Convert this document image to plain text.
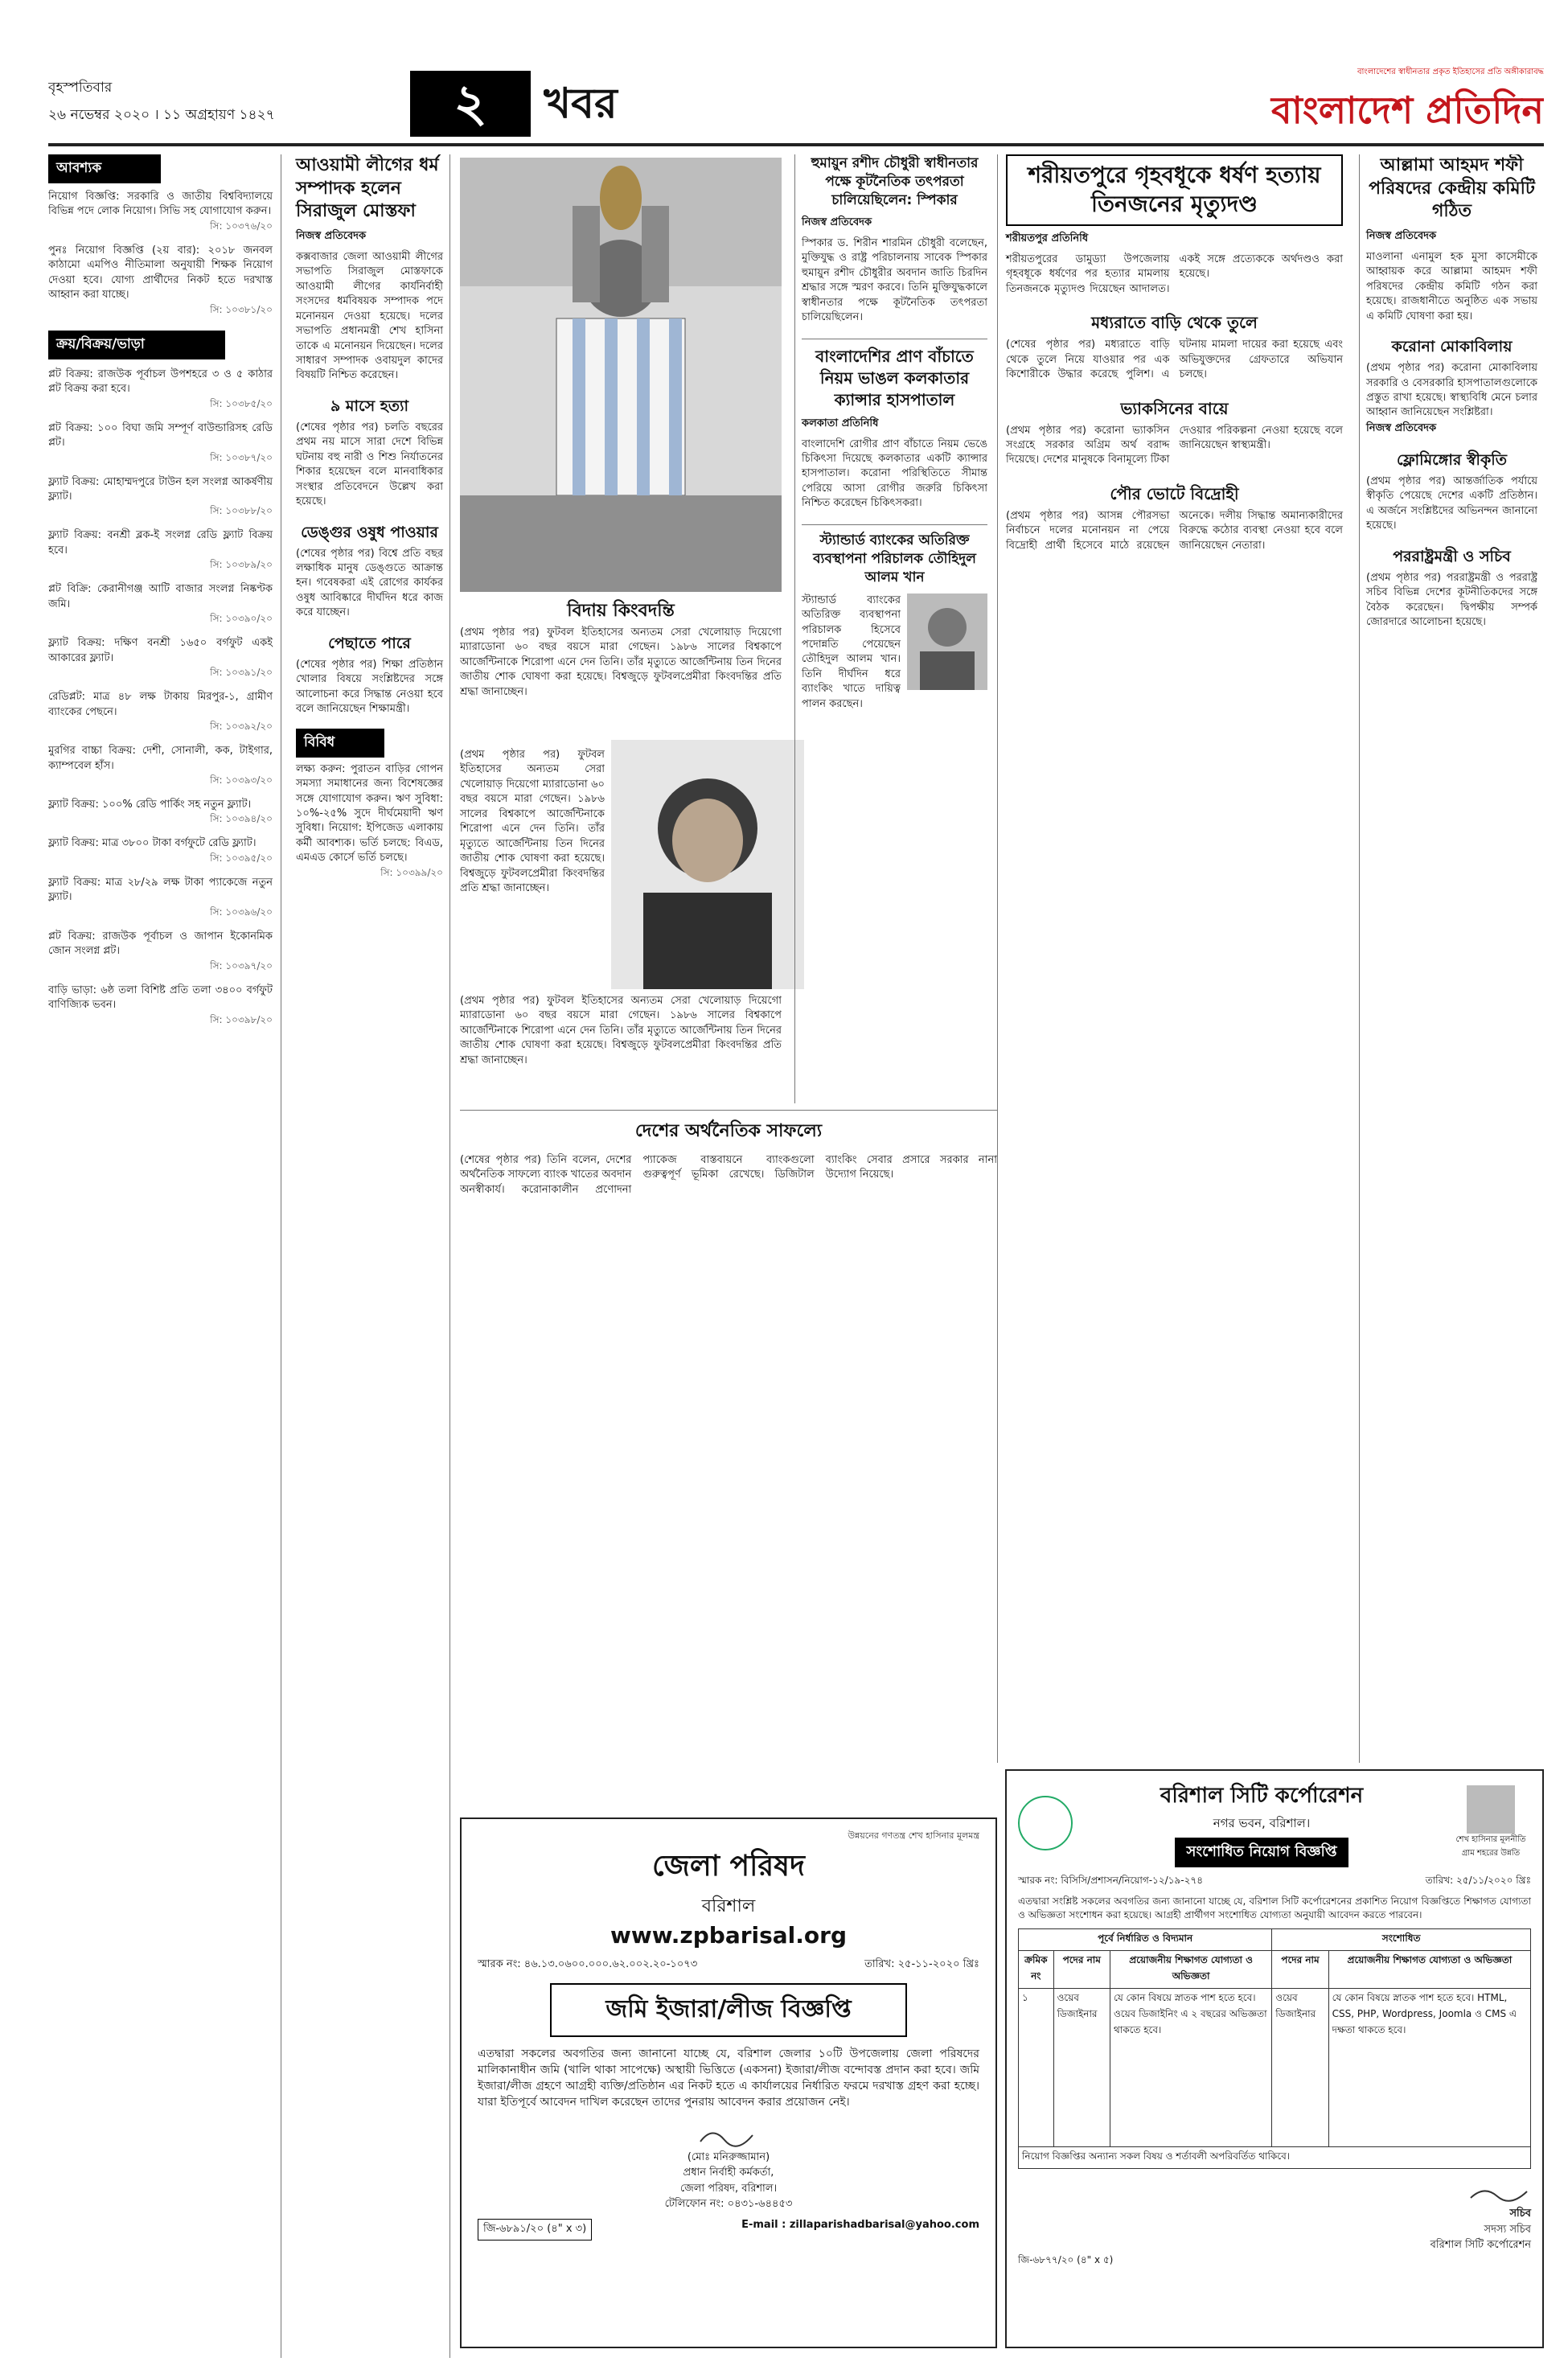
বৃহস্পতিবার
২৬ নভেম্বর ২০২০ । ১১ অগ্রহায়ণ ১৪২৭	২	খবর
বাংলাদেশের স্বাধীনতার প্রকৃত ইতিহাসের প্রতি অঙ্গীকারাবদ্ধ
বাংলাদেশ প্রতিদিন
আবশ্যক
নিয়োগ বিজ্ঞপ্তি: সরকারি ও জাতীয় বিশ্ববিদ্যালয়ে বিভিন্ন পদে লোক নিয়োগ। সিভি সহ যোগাযোগ করুন।
সি: ১০৩৭৬/২০
পুনঃ নিয়োগ বিজ্ঞপ্তি (২য় বার): ২০১৮ জনবল কাঠামো এমপিও নীতিমালা অনুযায়ী শিক্ষক নিয়োগ দেওয়া হবে। যোগ্য প্রার্থীদের নিকট হতে দরখাস্ত আহ্বান করা যাচ্ছে।
সি: ১০৩৮১/২০
ক্রয়/বিক্রয়/ভাড়া
প্লট বিক্রয়: রাজউক পূর্বাচল উপশহরে ৩ ও ৫ কাঠার প্লট বিক্রয় করা হবে।
সি: ১০৩৮৫/২০
প্লট বিক্রয়: ১০০ বিঘা জমি সম্পূর্ণ বাউন্ডারিসহ রেডি প্লট।
সি: ১০৩৮৭/২০
ফ্ল্যাট বিক্রয়: মোহাম্মদপুরে টাউন হল সংলগ্ন আকর্ষণীয় ফ্ল্যাট।
সি: ১০৩৮৮/২০
ফ্ল্যাট বিক্রয়: বনশ্রী ব্লক-ই সংলগ্ন রেডি ফ্ল্যাট বিক্রয় হবে।
সি: ১০৩৮৯/২০
প্লট বিক্রি: কেরানীগঞ্জ আটি বাজার সংলগ্ন নিষ্কণ্টক জমি।
সি: ১০৩৯০/২০
ফ্ল্যাট বিক্রয়: দক্ষিণ বনশ্রী ১৬৫০ বর্গফুট একই আকারের ফ্ল্যাট।
সি: ১০৩৯১/২০
রেডিপ্লট: মাত্র ৪৮ লক্ষ টাকায় মিরপুর-১, গ্রামীণ ব্যাংকের পেছনে।
সি: ১০৩৯২/২০
মুরগির বাচ্চা বিক্রয়: দেশী, সোনালী, কক, টাইগার, ক্যাম্পবেল হাঁস।
সি: ১০৩৯৩/২০
ফ্ল্যাট বিক্রয়: ১০০% রেডি পার্কিং সহ নতুন ফ্ল্যাট।
সি: ১০৩৯৪/২০
ফ্ল্যাট বিক্রয়: মাত্র ৩৮০০ টাকা বর্গফুটে রেডি ফ্ল্যাট।
সি: ১০৩৯৫/২০
ফ্ল্যাট বিক্রয়: মাত্র ২৮/২৯ লক্ষ টাকা প্যাকেজে নতুন ফ্ল্যাট।
সি: ১০৩৯৬/২০
প্লট বিক্রয়: রাজউক পূর্বাচল ও জাপান ইকোনমিক জোন সংলগ্ন প্লট।
সি: ১০৩৯৭/২০
বাড়ি ভাড়া: ৬ষ্ঠ তলা বিশিষ্ট প্রতি তলা ৩৪০০ বর্গফুট বাণিজ্যিক ভবন।
সি: ১০৩৯৮/২০
আওয়ামী লীগের ধর্ম সম্পাদক হলেন সিরাজুল মোস্তফা
নিজস্ব প্রতিবেদক
কক্সবাজার জেলা আওয়ামী লীগের সভাপতি সিরাজুল মোস্তফাকে আওয়ামী লীগের কার্যনির্বাহী সংসদের ধর্মবিষয়ক সম্পাদক পদে মনোনয়ন দেওয়া হয়েছে। দলের সভাপতি প্রধানমন্ত্রী শেখ হাসিনা তাকে এ মনোনয়ন দিয়েছেন। দলের সাধারণ সম্পাদক ওবায়দুল কাদের বিষয়টি নিশ্চিত করেছেন।
৯ মাসে হত্যা
(শেষের পৃষ্ঠার পর) চলতি বছরের প্রথম নয় মাসে সারা দেশে বিভিন্ন ঘটনায় বহু নারী ও শিশু নির্যাতনের শিকার হয়েছেন বলে মানবাধিকার সংস্থার প্রতিবেদনে উল্লেখ করা হয়েছে।
ডেঙ্গুর ওষুধ পাওয়ার
(শেষের পৃষ্ঠার পর) বিশ্বে প্রতি বছর লক্ষাধিক মানুষ ডেঙ্গুতে আক্রান্ত হন। গবেষকরা এই রোগের কার্যকর ওষুধ আবিষ্কারে দীর্ঘদিন ধরে কাজ করে যাচ্ছেন।
পেছাতে পারে
(শেষের পৃষ্ঠার পর) শিক্ষা প্রতিষ্ঠান খোলার বিষয়ে সংশ্লিষ্টদের সঙ্গে আলোচনা করে সিদ্ধান্ত নেওয়া হবে বলে জানিয়েছেন শিক্ষামন্ত্রী।
বিবিধ
লক্ষ্য করুন: পুরাতন বাড়ির গোপন সমস্যা সমাধানের জন্য বিশেষজ্ঞের সঙ্গে যোগাযোগ করুন। ঋণ সুবিধা: ১০%-২৫% সুদে দীর্ঘমেয়াদী ঋণ সুবিধা। নিয়োগ: ইপিজেড এলাকায় কর্মী আবশ্যক। ভর্তি চলছে: বিএড, এমএড কোর্সে ভর্তি চলছে।
সি: ১০৩৯৯/২০
বিদায় কিংবদন্তি
(প্রথম পৃষ্ঠার পর) ফুটবল ইতিহাসের অন্যতম সেরা খেলোয়াড় দিয়েগো ম্যারাডোনা ৬০ বছর বয়সে মারা গেছেন। ১৯৮৬ সালের বিশ্বকাপে আর্জেন্টিনাকে শিরোপা এনে দেন তিনি। তাঁর মৃত্যুতে আর্জেন্টিনায় তিন দিনের জাতীয় শোক ঘোষণা করা হয়েছে। বিশ্বজুড়ে ফুটবলপ্রেমীরা কিংবদন্তির প্রতি শ্রদ্ধা জানাচ্ছেন।
(প্রথম পৃষ্ঠার পর) ফুটবল ইতিহাসের অন্যতম সেরা খেলোয়াড় দিয়েগো ম্যারাডোনা ৬০ বছর বয়সে মারা গেছেন। ১৯৮৬ সালের বিশ্বকাপে আর্জেন্টিনাকে শিরোপা এনে দেন তিনি। তাঁর মৃত্যুতে আর্জেন্টিনায় তিন দিনের জাতীয় শোক ঘোষণা করা হয়েছে। বিশ্বজুড়ে ফুটবলপ্রেমীরা কিংবদন্তির প্রতি শ্রদ্ধা জানাচ্ছেন।
(প্রথম পৃষ্ঠার পর) ফুটবল ইতিহাসের অন্যতম সেরা খেলোয়াড় দিয়েগো ম্যারাডোনা ৬০ বছর বয়সে মারা গেছেন। ১৯৮৬ সালের বিশ্বকাপে আর্জেন্টিনাকে শিরোপা এনে দেন তিনি। তাঁর মৃত্যুতে আর্জেন্টিনায় তিন দিনের জাতীয় শোক ঘোষণা করা হয়েছে। বিশ্বজুড়ে ফুটবলপ্রেমীরা কিংবদন্তির প্রতি শ্রদ্ধা জানাচ্ছেন।
হুমায়ুন রশীদ চৌধুরী স্বাধীনতার পক্ষে কূটনৈতিক তৎপরতা চালিয়েছিলেন: স্পিকার
নিজস্ব প্রতিবেদক
স্পিকার ড. শিরীন শারমিন চৌধুরী বলেছেন, মুক্তিযুদ্ধ ও রাষ্ট্র পরিচালনায় সাবেক স্পিকার হুমায়ুন রশীদ চৌধুরীর অবদান জাতি চিরদিন শ্রদ্ধার সঙ্গে স্মরণ করবে। তিনি মুক্তিযুদ্ধকালে স্বাধীনতার পক্ষে কূটনৈতিক তৎপরতা চালিয়েছিলেন।
বাংলাদেশির প্রাণ বাঁচাতে নিয়ম ভাঙল কলকাতার ক্যান্সার হাসপাতাল
কলকাতা প্রতিনিধি
বাংলাদেশি রোগীর প্রাণ বাঁচাতে নিয়ম ভেঙে চিকিৎসা দিয়েছে কলকাতার একটি ক্যান্সার হাসপাতাল। করোনা পরিস্থিতিতে সীমান্ত পেরিয়ে আসা রোগীর জরুরি চিকিৎসা নিশ্চিত করেছেন চিকিৎসকরা।
স্ট্যান্ডার্ড ব্যাংকের অতিরিক্ত ব্যবস্থাপনা পরিচালক তৌহিদুল আলম খান
স্ট্যান্ডার্ড ব্যাংকের অতিরিক্ত ব্যবস্থাপনা পরিচালক হিসেবে পদোন্নতি পেয়েছেন তৌহিদুল আলম খান। তিনি দীর্ঘদিন ধরে ব্যাংকিং খাতে দায়িত্ব পালন করছেন।
দেশের অর্থনৈতিক সাফল্যে
(শেষের পৃষ্ঠার পর) তিনি বলেন, দেশের অর্থনৈতিক সাফল্যে ব্যাংক খাতের অবদান অনস্বীকার্য। করোনাকালীন প্রণোদনা প্যাকেজ বাস্তবায়নে ব্যাংকগুলো গুরুত্বপূর্ণ ভূমিকা রেখেছে। ডিজিটাল ব্যাংকিং সেবার প্রসারে সরকার নানা উদ্যোগ নিয়েছে।
উন্নয়নের গণতন্ত্র শেখ হাসিনার মূলমন্ত্র
জেলা পরিষদ
বরিশাল
www.zpbarisal.org
স্মারক নং: ৪৬.১৩.০৬০০.০০০.৬২.০০২.২০-১০৭৩	তারিখ: ২৫-১১-২০২০ খ্রিঃ
জমি ইজারা/লীজ বিজ্ঞপ্তি
এতদ্বারা সকলের অবগতির জন্য জানানো যাচ্ছে যে, বরিশাল জেলার ১০টি উপজেলায় জেলা পরিষদের মালিকানাধীন জমি (খালি থাকা সাপেক্ষে) অস্থায়ী ভিত্তিতে (একসনা) ইজারা/লীজ বন্দোবস্ত প্রদান করা হবে। জমি ইজারা/লীজ গ্রহণে আগ্রহী ব্যক্তি/প্রতিষ্ঠান এর নিকট হতে এ কার্যালয়ের নির্ধারিত ফরমে দরখাস্ত গ্রহণ করা হচ্ছে। যারা ইতিপূর্বে আবেদন দাখিল করেছেন তাদের পুনরায় আবেদন করার প্রয়োজন নেই।
(মোঃ মনিরুজ্জামান)
প্রধান নির্বাহী কর্মকর্তা,
জেলা পরিষদ, বরিশাল।
টেলিফোন নং: ০৪৩১-৬৪৪৫৩
জি-৬৮৯১/২০ (৪" x ৩)	E-mail : zillaparishadbarisal@yahoo.com
শরীয়তপুরে গৃহবধূকে ধর্ষণ হত্যায় তিনজনের মৃত্যুদণ্ড
শরীয়তপুর প্রতিনিধি
শরীয়তপুরের ডামুড্যা উপজেলায় গৃহবধূকে ধর্ষণের পর হত্যার মামলায় তিনজনকে মৃত্যুদণ্ড দিয়েছেন আদালত। একই সঙ্গে প্রত্যেককে অর্থদণ্ডও করা হয়েছে।
মধ্যরাতে বাড়ি থেকে তুলে
(শেষের পৃষ্ঠার পর) মধ্যরাতে বাড়ি থেকে তুলে নিয়ে যাওয়ার পর এক কিশোরীকে উদ্ধার করেছে পুলিশ। এ ঘটনায় মামলা দায়ের করা হয়েছে এবং অভিযুক্তদের গ্রেফতারে অভিযান চলছে।
ভ্যাকসিনের বায়ে
(প্রথম পৃষ্ঠার পর) করোনা ভ্যাকসিন সংগ্রহে সরকার অগ্রিম অর্থ বরাদ্দ দিয়েছে। দেশের মানুষকে বিনামূল্যে টিকা দেওয়ার পরিকল্পনা নেওয়া হয়েছে বলে জানিয়েছেন স্বাস্থ্যমন্ত্রী।
পৌর ভোটে বিদ্রোহী
(প্রথম পৃষ্ঠার পর) আসন্ন পৌরসভা নির্বাচনে দলের মনোনয়ন না পেয়ে বিদ্রোহী প্রার্থী হিসেবে মাঠে রয়েছেন অনেকে। দলীয় সিদ্ধান্ত অমান্যকারীদের বিরুদ্ধে কঠোর ব্যবস্থা নেওয়া হবে বলে জানিয়েছেন নেতারা।
আল্লামা আহমদ শফী পরিষদের কেন্দ্রীয় কমিটি গঠিত
নিজস্ব প্রতিবেদক
মাওলানা এনামুল হক মুসা কাসেমীকে আহ্বায়ক করে আল্লামা আহমদ শফী পরিষদের কেন্দ্রীয় কমিটি গঠন করা হয়েছে। রাজধানীতে অনুষ্ঠিত এক সভায় এ কমিটি ঘোষণা করা হয়।
করোনা মোকাবিলায়
(প্রথম পৃষ্ঠার পর) করোনা মোকাবিলায় সরকারি ও বেসরকারি হাসপাতালগুলোকে প্রস্তুত রাখা হয়েছে। স্বাস্থ্যবিধি মেনে চলার আহ্বান জানিয়েছেন সংশ্লিষ্টরা।
নিজস্ব প্রতিবেদক
ফ্লোমিঙ্গোর স্বীকৃতি
(প্রথম পৃষ্ঠার পর) আন্তর্জাতিক পর্যায়ে স্বীকৃতি পেয়েছে দেশের একটি প্রতিষ্ঠান। এ অর্জনে সংশ্লিষ্টদের অভিনন্দন জানানো হয়েছে।
পররাষ্ট্রমন্ত্রী ও সচিব
(প্রথম পৃষ্ঠার পর) পররাষ্ট্রমন্ত্রী ও পররাষ্ট্র সচিব বিভিন্ন দেশের কূটনীতিকদের সঙ্গে বৈঠক করেছেন। দ্বিপক্ষীয় সম্পর্ক জোরদারে আলোচনা হয়েছে।
বরিশাল সিটি কর্পোরেশন
নগর ভবন, বরিশাল।
সংশোধিত নিয়োগ বিজ্ঞপ্তি
শেখ হাসিনার মূলনীতি গ্রাম শহরের উন্নতি
স্মারক নং: বিসিসি/প্রশাসন/নিয়োগ-১২/১৯-২৭৪	তারিখ: ২৫/১১/২০২০ খ্রিঃ
এতদ্বারা সংশ্লিষ্ট সকলের অবগতির জন্য জানানো যাচ্ছে যে, বরিশাল সিটি কর্পোরেশনের প্রকাশিত নিয়োগ বিজ্ঞপ্তিতে শিক্ষাগত যোগ্যতা ও অভিজ্ঞতা সংশোধন করা হয়েছে। আগ্রহী প্রার্থীগণ সংশোধিত যোগ্যতা অনুযায়ী আবেদন করতে পারবেন।
পূর্বে নির্ধারিত ও বিদ্যমান			সংশোধিত	
ক্রমিক নং	পদের নাম	প্রয়োজনীয় শিক্ষাগত যোগ্যতা ও অভিজ্ঞতা	পদের নাম	প্রয়োজনীয় শিক্ষাগত যোগ্যতা ও অভিজ্ঞতা
১	ওয়েব ডিজাইনার	যে কোন বিষয়ে স্নাতক পাশ হতে হবে। ওয়েব ডিজাইনিং এ ২ বছরের অভিজ্ঞতা থাকতে হবে।	ওয়েব ডিজাইনার	যে কোন বিষয়ে স্নাতক পাশ হতে হবে। HTML, CSS, PHP, Wordpress, Joomla ও CMS এ দক্ষতা থাকতে হবে।
নিয়োগ বিজ্ঞপ্তির অন্যান্য সকল বিষয় ও শর্তাবলী অপরিবর্তিত থাকিবে।				
সচিব
সদস্য সচিব
বরিশাল সিটি কর্পোরেশন
জি-৬৮৭৭/২০ (৪" x ৫)
